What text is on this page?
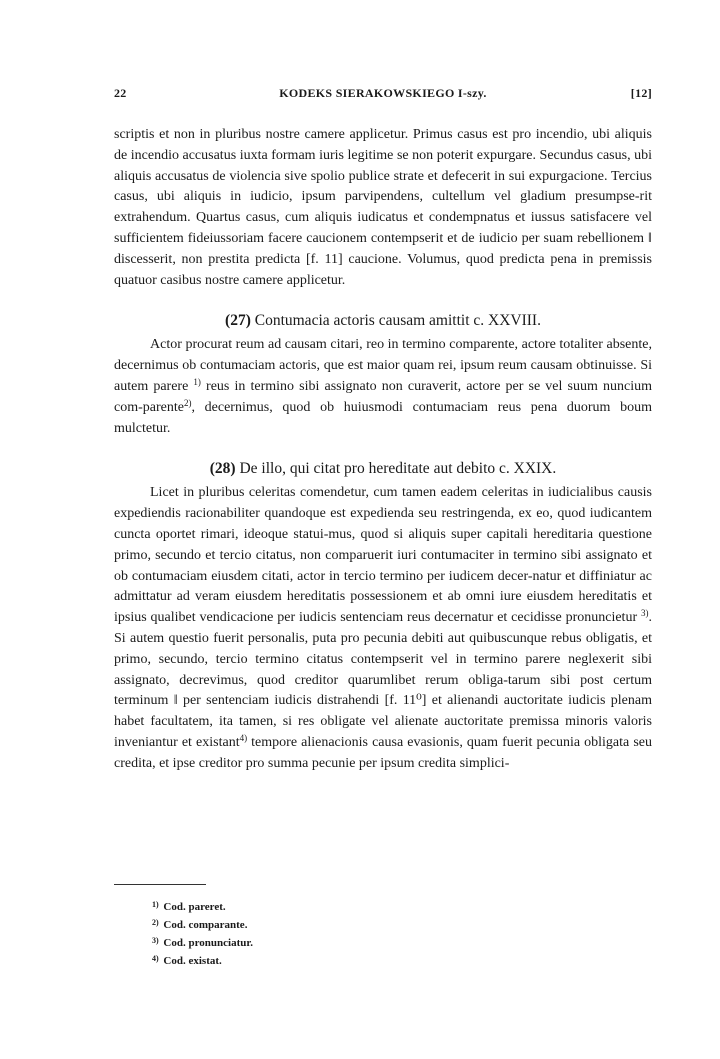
22	KODEKS SIERAKOWSKIEGO I-szy.	[12]

scriptis et non in pluribus nostre camere applicetur. Primus casus est pro incendio, ubi aliquis de incendio accusatus iuxta formam iuris legitime se non poterit expurgare. Secundus casus, ubi aliquis accusatus de violencia sive spolio publice strate et defecerit in sui expurgacione. Tercius casus, ubi aliquis in iudicio, ipsum parvipendens, cultellum vel gladium presumpse-rit extrahendum. Quartus casus, cum aliquis iudicatus et condempnatus et iussus satisfacere vel sufficientem fideiussoriam facere caucionem contempserit et de iudicio per suam rebellionem ‖ discesserit, non prestita predicta [f. 11] caucione. Volumus, quod predicta pena in premissis quatuor casibus nostre camere applicetur.

(27) Contumacia actoris causam amittit c. XXVIII.

Actor procurat reum ad causam citari, reo in termino comparente, actore totaliter absente, decernimus ob contumaciam actoris, que est maior quam rei, ipsum reum causam obtinuisse. Si autem parere $^{1)}$ reus in termino sibi assignato non curaverit, actore per se vel suum nuncium com-parente$^{2)}$, decernimus, quod ob huiusmodi contumaciam reus pena duorum boum mulctetur.

(28) De illo, qui citat pro hereditate aut debito c. XXIX.

Licet in pluribus celeritas comendetur, cum tamen eadem celeritas in iudicialibus causis expediendis racionabiliter quandoque est expedienda seu restringenda, ex eo, quod iudicantem cuncta oportet rimari, ideoque statui-mus, quod si aliquis super capitali hereditaria questione primo, secundo et tercio citatus, non comparuerit iuri contumaciter in termino sibi assignato et ob contumaciam eiusdem citati, actor in tercio termino per iudicem decer-natur et diffiniatur ac admittatur ad veram eiusdem hereditatis possessionem et ab omni iure eiusdem hereditatis et ipsius qualibet vendicacione per iudicis sentenciam reus decernatur et cecidisse pronuncietur $^{3)}$. Si autem questio fuerit personalis, puta pro pecunia debiti aut quibuscunque rebus obligatis, et primo, secundo, tercio termino citatus contempserit vel in termino parere neglexerit sibi assignato, decrevimus, quod creditor quarumlibet rerum obliga-tarum sibi post certum terminum ‖ per sentenciam iudicis distrahendi [f. 11⁰] et alienandi auctoritate iudicis plenam habet facultatem, ita tamen, si res obligate vel alienate auctoritate premissa minoris valoris inveniantur et existant$^{4)}$ tempore alienacionis causa evasionis, quam fuerit pecunia obligata seu credita, et ipse creditor pro summa pecunie per ipsum credita simplici-

$^{1)}$ Cod. pareret.
$^{2)}$ Cod. comparante.
$^{3)}$ Cod. pronunciatur.
$^{4)}$ Cod. existat.
